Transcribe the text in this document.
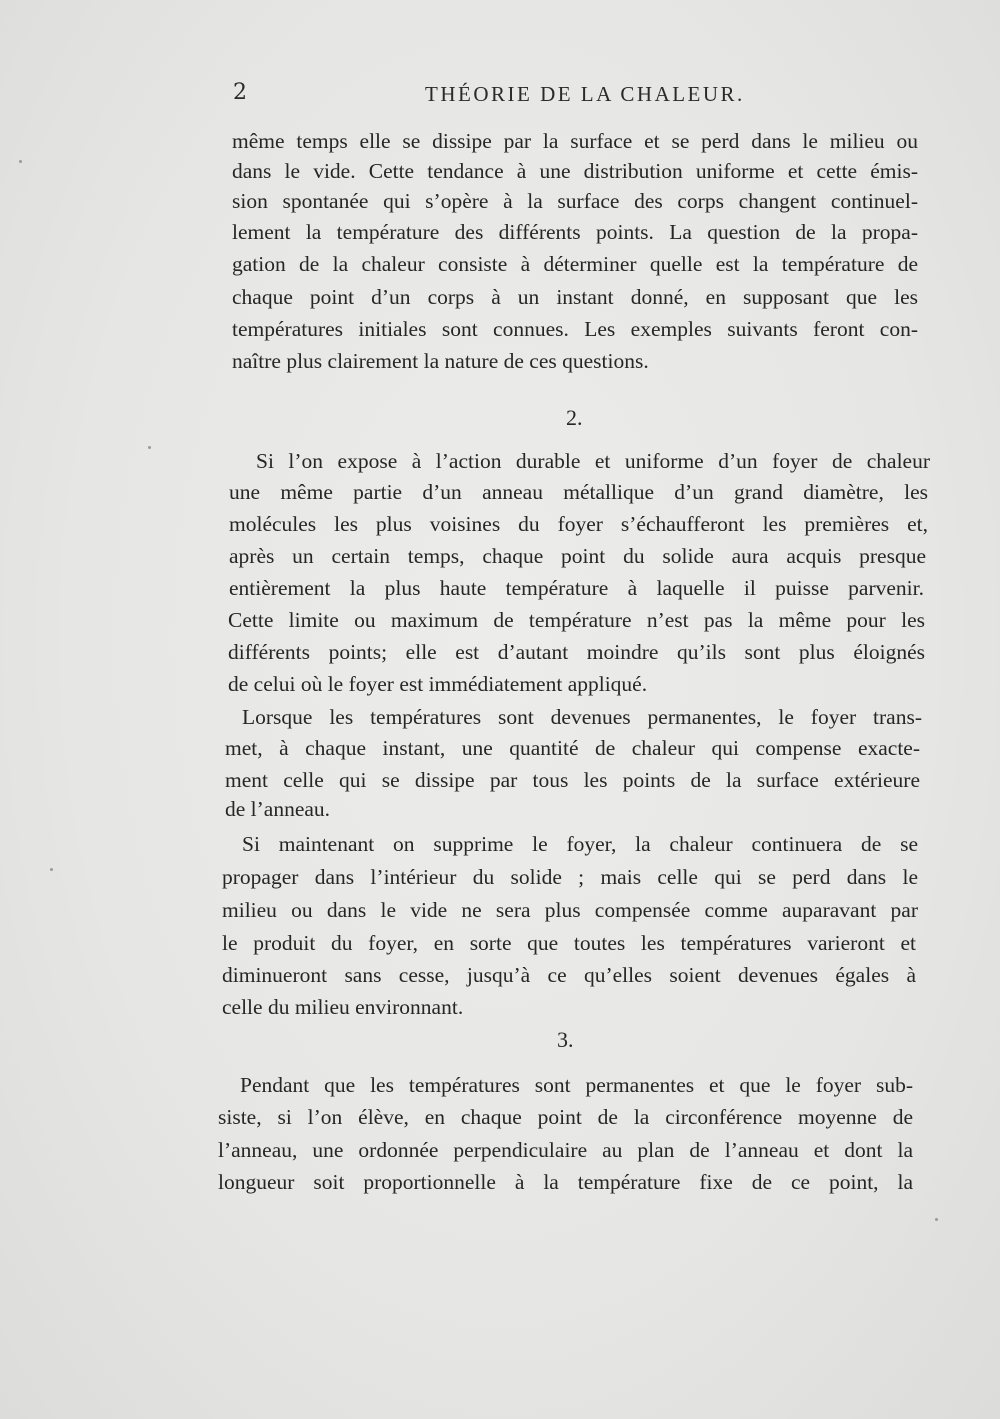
2	THÉORIE DE LA CHALEUR.
même temps elle se dissipe par la surface et se perd dans le milieu ou
dans le vide. Cette tendance à une distribution uniforme et cette émis-
sion spontanée qui s’opère à la surface des corps changent continuel-
lement la température des différents points. La question de la propa-
gation de la chaleur consiste à déterminer quelle est la température de
chaque point d’un corps à un instant donné, en supposant que les
températures initiales sont connues. Les exemples suivants feront con-
naître plus clairement la nature de ces questions.
2.
Si l’on expose à l’action durable et uniforme d’un foyer de chaleur
une même partie d’un anneau métallique d’un grand diamètre, les
molécules les plus voisines du foyer s’échaufferont les premières et,
après un certain temps, chaque point du solide aura acquis presque
entièrement la plus haute température à laquelle il puisse parvenir.
Cette limite ou maximum de température n’est pas la même pour les
différents points; elle est d’autant moindre qu’ils sont plus éloignés
de celui où le foyer est immédiatement appliqué.
Lorsque les températures sont devenues permanentes, le foyer trans-
met, à chaque instant, une quantité de chaleur qui compense exacte-
ment celle qui se dissipe par tous les points de la surface extérieure
de l’anneau.
Si maintenant on supprime le foyer, la chaleur continuera de se
propager dans l’intérieur du solide ; mais celle qui se perd dans le
milieu ou dans le vide ne sera plus compensée comme auparavant par
le produit du foyer, en sorte que toutes les températures varieront et
diminueront sans cesse, jusqu’à ce qu’elles soient devenues égales à
celle du milieu environnant.
3.
Pendant que les températures sont permanentes et que le foyer sub-
siste, si l’on élève, en chaque point de la circonférence moyenne de
l’anneau, une ordonnée perpendiculaire au plan de l’anneau et dont la
longueur soit proportionnelle à la température fixe de ce point, la
